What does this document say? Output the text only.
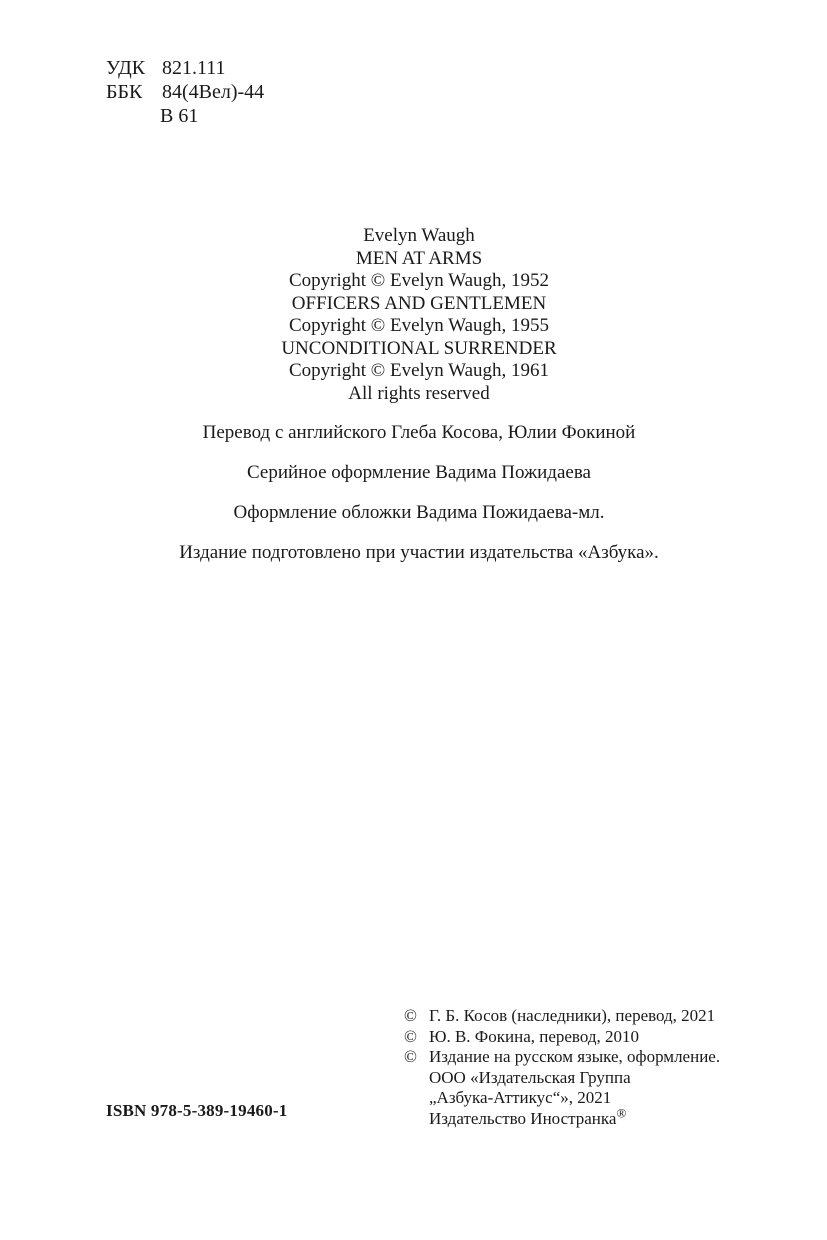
УДК 821.111
ББК 84(4Вел)-44
В 61
Evelyn Waugh
MEN AT ARMS
Copyright © Evelyn Waugh, 1952
OFFICERS AND GENTLEMEN
Copyright © Evelyn Waugh, 1955
UNCONDITIONAL SURRENDER
Copyright © Evelyn Waugh, 1961
All rights reserved
Перевод с английского Глеба Косова, Юлии Фокиной
Серийное оформление Вадима Пожидаева
Оформление обложки Вадима Пожидаева-мл.
Издание подготовлено при участии издательства «Азбука».
ISBN 978-5-389-19460-1
© Г. Б. Косов (наследники), перевод, 2021
© Ю. В. Фокина, перевод, 2010
© Издание на русском языке, оформление.
ООО «Издательская Группа
„Азбука-Аттикус“», 2021
Издательство Иностранка®
